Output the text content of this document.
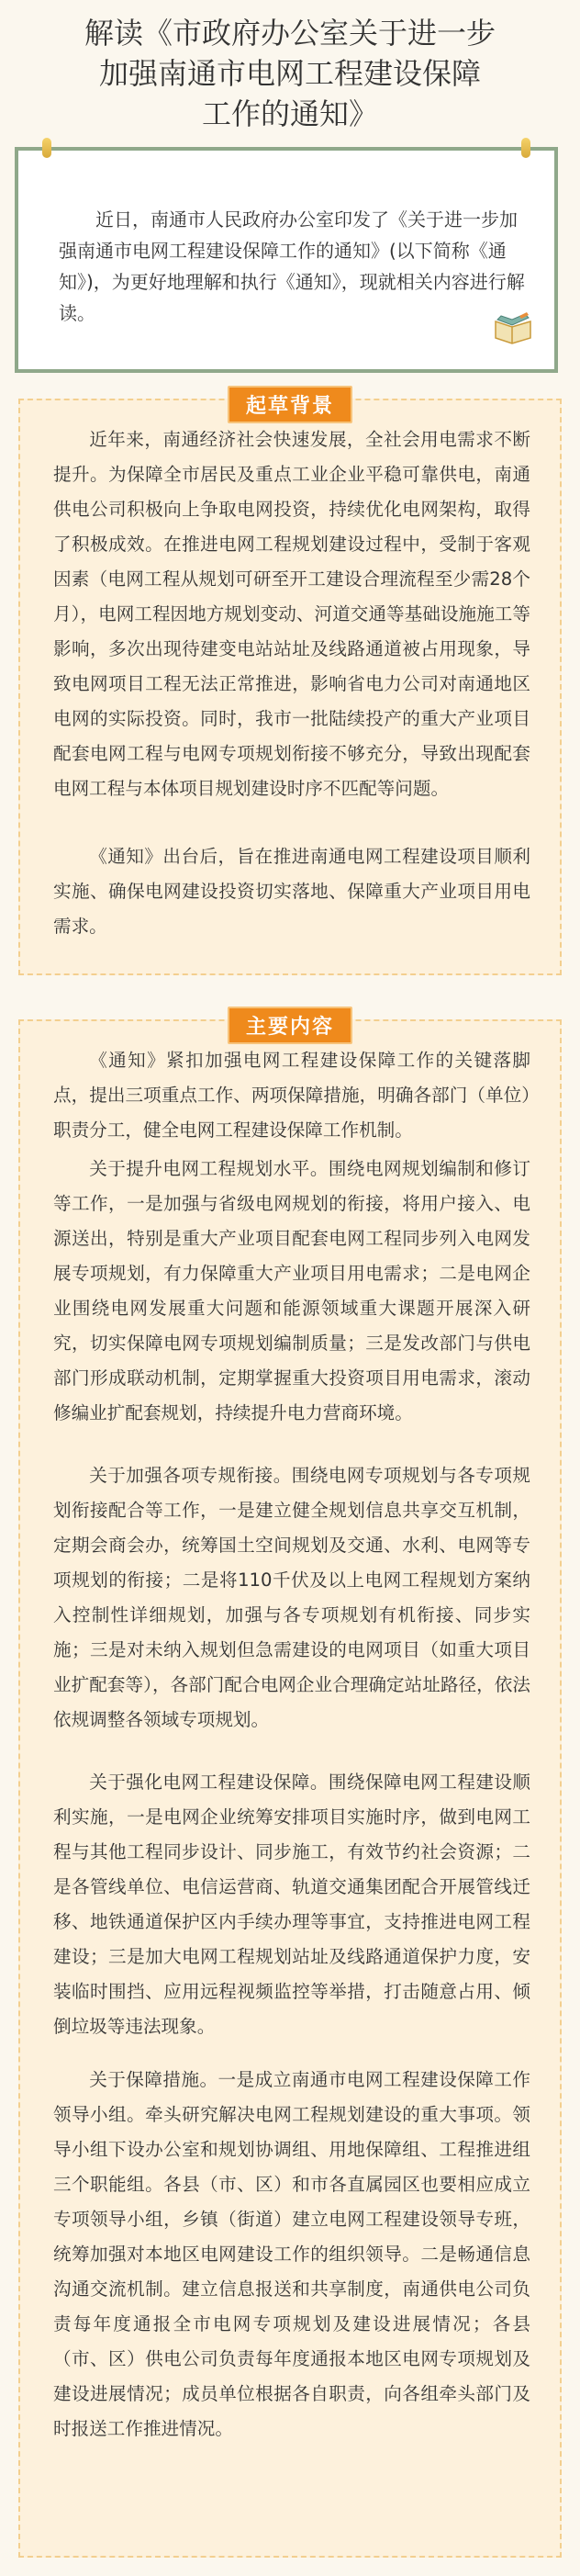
解读《市政府办公室关于进一步
加强南通市电网工程建设保障
工作的通知》
近日，南通市人民政府办公室印发了《关于进一步加强南通市电网工程建设保障工作的通知》(以下简称《通知》)，为更好地理解和执行《通知》，现就相关内容进行解读。
起草背景

近年来，南通经济社会快速发展，全社会用电需求不断提升。为保障全市居民及重点工业企业平稳可靠供电，南通供电公司积极向上争取电网投资，持续优化电网架构，取得了积极成效。在推进电网工程规划建设过程中，受制于客观因素（电网工程从规划可研至开工建设合理流程至少需28个月），电网工程因地方规划变动、河道交通等基础设施施工等影响，多次出现待建变电站站址及线路通道被占用现象，导致电网项目工程无法正常推进，影响省电力公司对南通地区电网的实际投资。同时，我市一批陆续投产的重大产业项目配套电网工程与电网专项规划衔接不够充分，导致出现配套电网工程与本体项目规划建设时序不匹配等问题。

《通知》出台后，旨在推进南通电网工程建设项目顺利实施、确保电网建设投资切实落地、保障重大产业项目用电需求。

主要内容

《通知》紧扣加强电网工程建设保障工作的关键落脚点，提出三项重点工作、两项保障措施，明确各部门（单位）职责分工，健全电网工程建设保障工作机制。

关于提升电网工程规划水平。围绕电网规划编制和修订等工作，一是加强与省级电网规划的衔接，将用户接入、电源送出，特别是重大产业项目配套电网工程同步列入电网发展专项规划，有力保障重大产业项目用电需求；二是电网企业围绕电网发展重大问题和能源领域重大课题开展深入研究，切实保障电网专项规划编制质量；三是发改部门与供电部门形成联动机制，定期掌握重大投资项目用电需求，滚动修编业扩配套规划，持续提升电力营商环境。

关于加强各项专规衔接。围绕电网专项规划与各专项规划衔接配合等工作，一是建立健全规划信息共享交互机制，定期会商会办，统筹国土空间规划及交通、水利、电网等专项规划的衔接；二是将110千伏及以上电网工程规划方案纳入控制性详细规划，加强与各专项规划有机衔接、同步实施；三是对未纳入规划但急需建设的电网项目（如重大项目业扩配套等），各部门配合电网企业合理确定站址路径，依法依规调整各领域专项规划。

关于强化电网工程建设保障。围绕保障电网工程建设顺利实施，一是电网企业统筹安排项目实施时序，做到电网工程与其他工程同步设计、同步施工，有效节约社会资源；二是各管线单位、电信运营商、轨道交通集团配合开展管线迁移、地铁通道保护区内手续办理等事宜，支持推进电网工程建设；三是加大电网工程规划站址及线路通道保护力度，安装临时围挡、应用远程视频监控等举措，打击随意占用、倾倒垃圾等违法现象。

关于保障措施。一是成立南通市电网工程建设保障工作领导小组。牵头研究解决电网工程规划建设的重大事项。领导小组下设办公室和规划协调组、用地保障组、工程推进组三个职能组。各县（市、区）和市各直属园区也要相应成立专项领导小组，乡镇（街道）建立电网工程建设领导专班，统筹加强对本地区电网建设工作的组织领导。二是畅通信息沟通交流机制。建立信息报送和共享制度，南通供电公司负责每年度通报全市电网专项规划及建设进展情况；各县（市、区）供电公司负责每年度通报本地区电网专项规划及建设进展情况；成员单位根据各自职责，向各组牵头部门及时报送工作推进情况。
